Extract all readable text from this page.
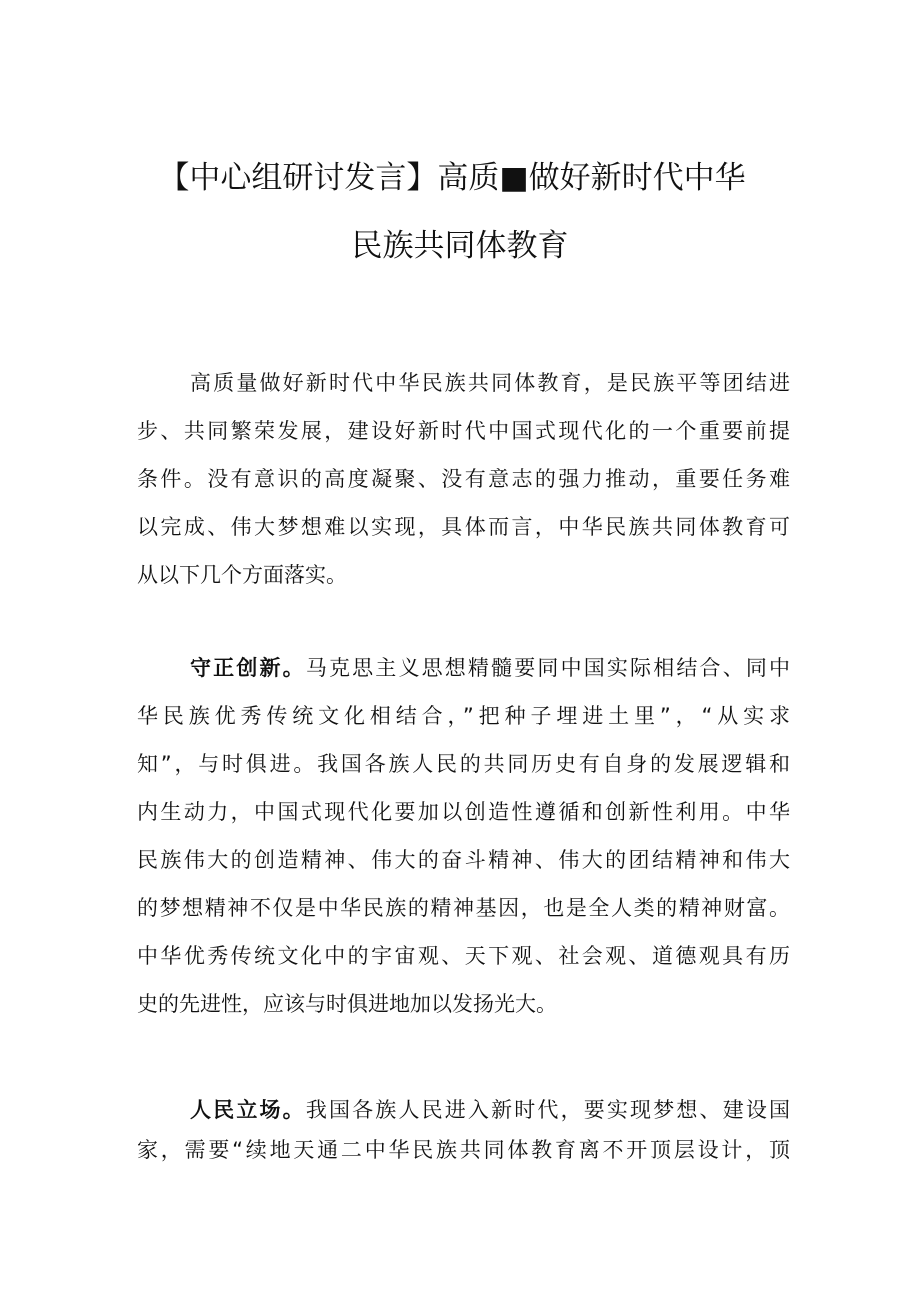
【中心组研讨发言】高质■做好新时代中华
民族共同体教育
高质量做好新时代中华民族共同体教育，是民族平等团结进
步、共同繁荣发展，建设好新时代中国式现代化的一个重要前提
条件。没有意识的高度凝聚、没有意志的强力推动，重要任务难
以完成、伟大梦想难以实现，具体而言，中华民族共同体教育可
从以下几个方面落实。
守正创新。马克思主义思想精髓要同中国实际相结合、同中
华民族优秀传统文化相结合，”把种子埋进土里”，“从实求
知”，与时俱进。我国各族人民的共同历史有自身的发展逻辑和
内生动力，中国式现代化要加以创造性遵循和创新性利用。中华
民族伟大的创造精神、伟大的奋斗精神、伟大的团结精神和伟大
的梦想精神不仅是中华民族的精神基因，也是全人类的精神财富。
中华优秀传统文化中的宇宙观、天下观、社会观、道德观具有历
史的先进性，应该与时俱进地加以发扬光大。
人民立场。我国各族人民进入新时代，要实现梦想、建设国
家，需要“续地天通二中华民族共同体教育离不开顶层设计，顶
